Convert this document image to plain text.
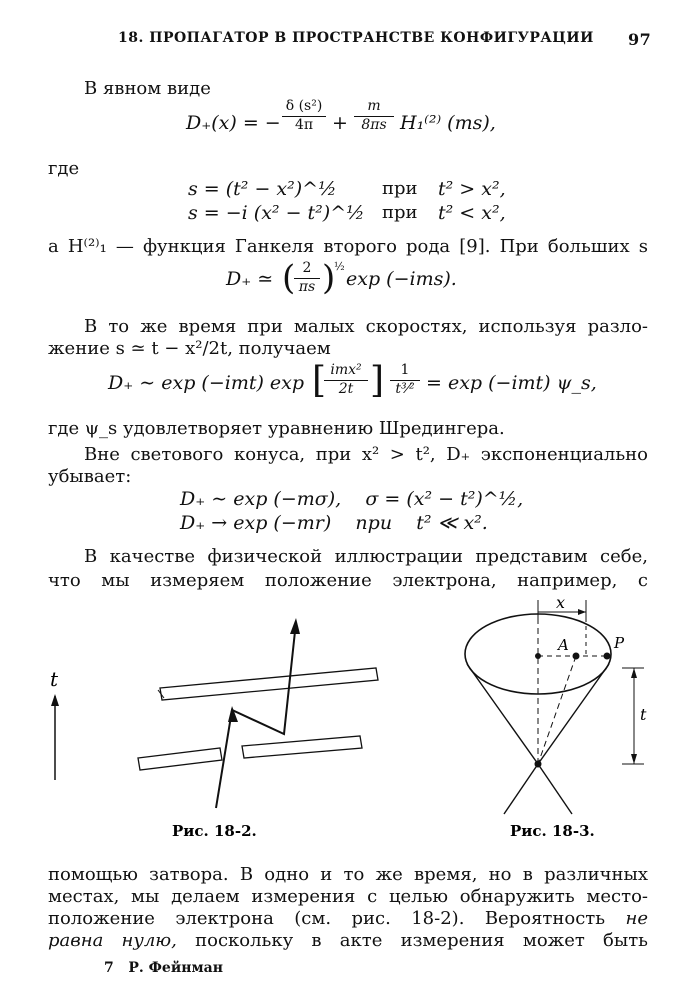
18. ПРОПАГАТОР В ПРОСТРАНСТВЕ КОНФИГУРАЦИИ 97
В явном виде
D₊(x) = −
δ (s²)
4π +
m
8πs H₁⁽²⁾ (ms),
где
s = (t² − x²)^½	при t² > x²,
s = −i (x² − t²)^½ при t² < x²,
а H⁽²⁾₁ — функция Ганкеля второго рода [9]. При больших s
D₊ ≃ ( 2
πs )
½
exp (−ims).
В то же время при малых скоростях, используя разло-
жение s ≃ t − x²/2t, получаем
D₊ ∼ exp (−imt) exp [ imx²
2t ]	1
t³⁄² = exp (−imt) ψ_s,
где ψ_s удовлетворяет уравнению Шредингера.
Вне светового конуса, при x² > t², D₊ экспоненциально
убывает:
D₊ ∼ exp (−mσ),    σ = (x² − t²)^½,
D₊ → exp (−mr)    при    t² ≪ x².
В качестве физической иллюстрации представим себе,
что мы измеряем положение электрона, например, с
t
Рис. 18-2.
x
A	P
t
Рис. 18-3.
помощью затвора. В одно и то же время, но в различных
местах, мы делаем измерения с целью обнаружить место-
положение электрона (см. рис. 18-2). Вероятность не
равна нулю, поскольку в акте измерения может быть
7   Р. Фейнман
